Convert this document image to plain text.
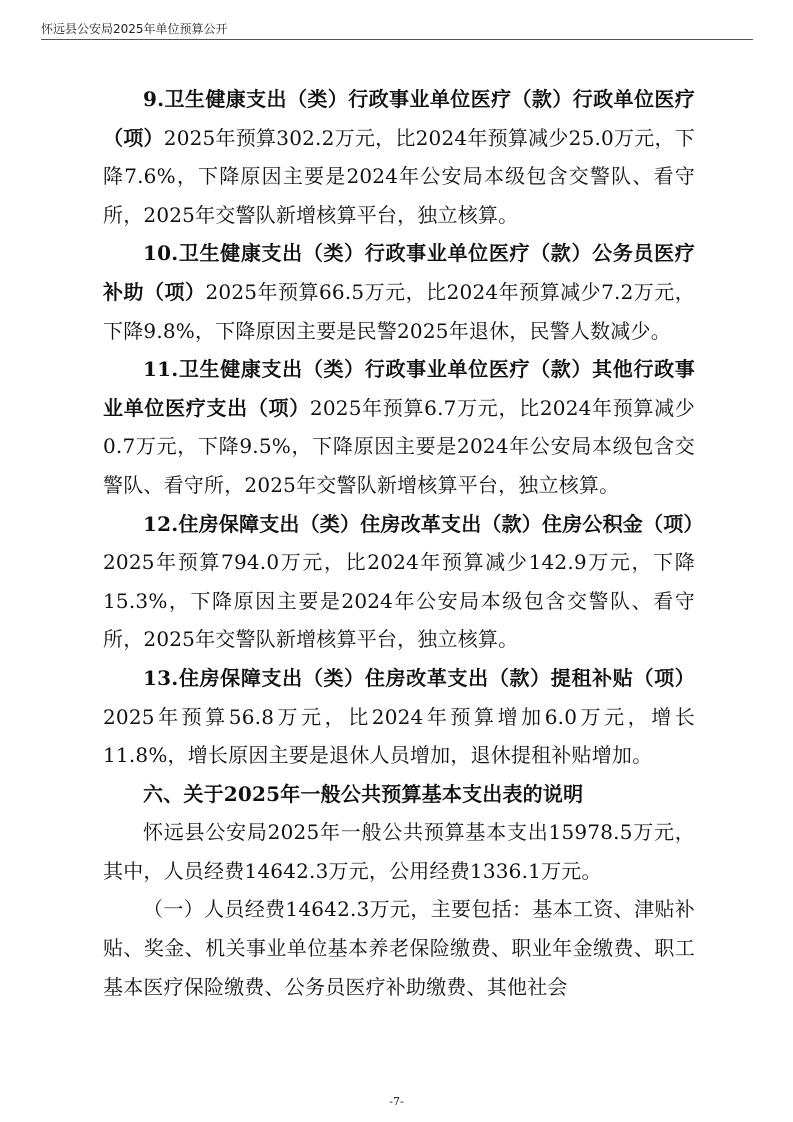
怀远县公安局2025年单位预算公开

9.卫生健康支出（类）行政事业单位医疗（款）行政单位医疗（项）2025年预算302.2万元，比2024年预算减少25.0万元，下降7.6%，下降原因主要是2024年公安局本级包含交警队、看守所，2025年交警队新增核算平台，独立核算。

10.卫生健康支出（类）行政事业单位医疗（款）公务员医疗补助（项）2025年预算66.5万元，比2024年预算减少7.2万元，下降9.8%，下降原因主要是民警2025年退休，民警人数减少。

11.卫生健康支出（类）行政事业单位医疗（款）其他行政事业单位医疗支出（项）2025年预算6.7万元，比2024年预算减少0.7万元，下降9.5%，下降原因主要是2024年公安局本级包含交警队、看守所，2025年交警队新增核算平台，独立核算。

12.住房保障支出（类）住房改革支出（款）住房公积金（项）2025年预算794.0万元，比2024年预算减少142.9万元，下降15.3%，下降原因主要是2024年公安局本级包含交警队、看守所，2025年交警队新增核算平台，独立核算。

13.住房保障支出（类）住房改革支出（款）提租补贴（项）2025年预算56.8万元，比2024年预算增加6.0万元，增长11.8%，增长原因主要是退休人员增加，退休提租补贴增加。

六、关于2025年一般公共预算基本支出表的说明

怀远县公安局2025年一般公共预算基本支出15978.5万元，其中，人员经费14642.3万元，公用经费1336.1万元。

（一）人员经费14642.3万元，主要包括：基本工资、津贴补贴、奖金、机关事业单位基本养老保险缴费、职业年金缴费、职工基本医疗保险缴费、公务员医疗补助缴费、其他社会

-7-
